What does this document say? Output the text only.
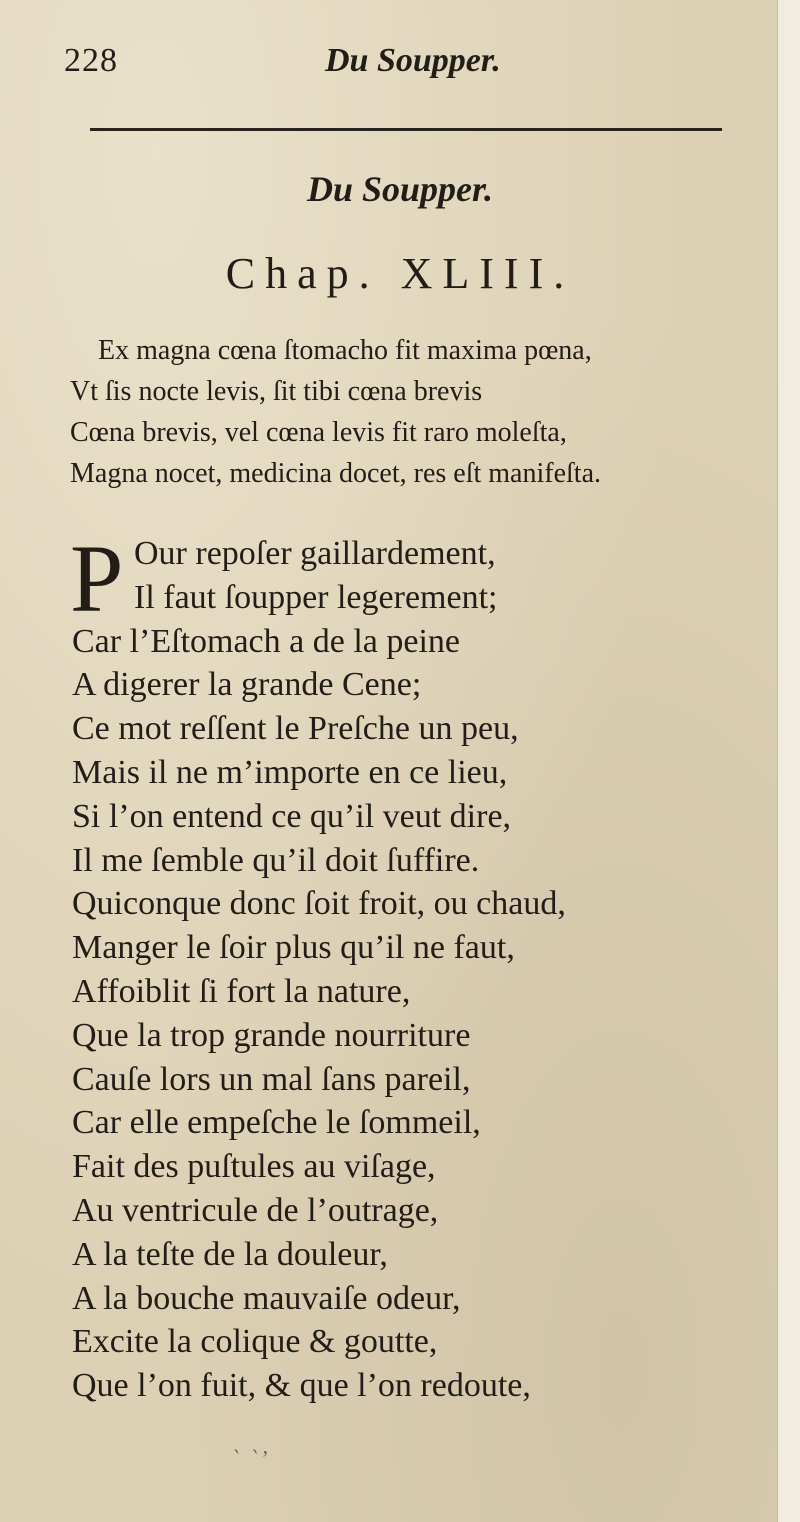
228	Du Soupper.
Du Soupper.
Chap. XLIII.
Ex magna cœna ſtomacho fit maxima pœna,
Vt ſis nocte levis, ſit tibi cœna brevis
Cœna brevis, vel cœna levis fit raro moleſta,
Magna nocet, medicina docet, res eſt manifeſta.
P Our repoſer gaillardement,
Il faut ſoupper legerement;
Car l’Eſtomach a de la peine
A digerer la grande Cene;
Ce mot reſſent le Preſche un peu,
Mais il ne m’importe en ce lieu,
Si l’on entend ce qu’il veut dire,
Il me ſemble qu’il doit ſuffire.
Quiconque donc ſoit froit, ou chaud,
Manger le ſoir plus qu’il ne faut,
Affoiblit ſi fort la nature,
Que la trop grande nourriture
Cauſe lors un mal ſans pareil,
Car elle empeſche le ſommeil,
Fait des puſtules au viſage,
Au ventricule de l’outrage,
A la teſte de la douleur,
A la bouche mauvaiſe odeur,
Excite la colique & goutte,
Que l’on fuit, & que l’on redoute,
‵ ‵ʼ
